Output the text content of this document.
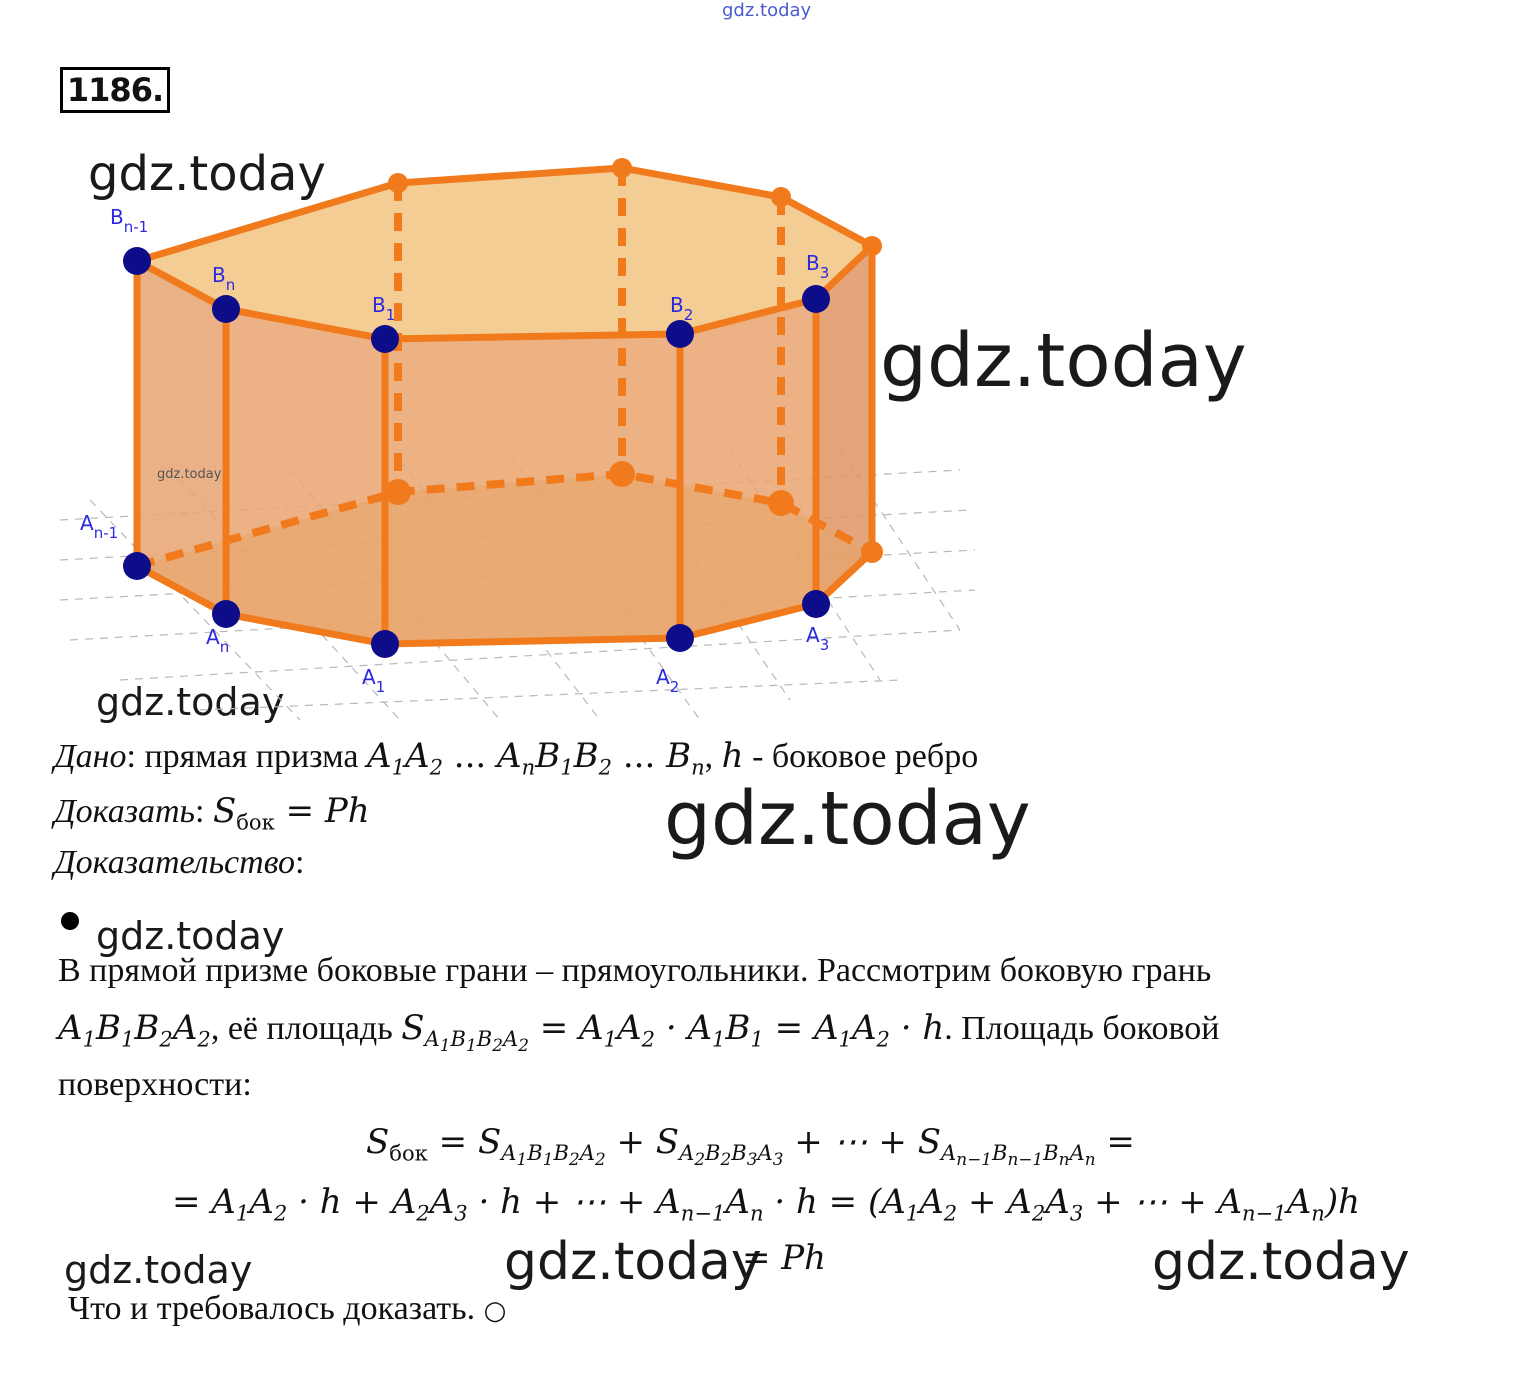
gdz.today
gdz.today
gdz.today
gdz.today
gdz.today
gdz.today
gdz.today	gdz.today	gdz.today
1186.
gdz.today
$B_{n-1}$
$B_n$
$B_1$	$B_2$
$B_3$
$A_{n-1}$
$A_n$
$A_1$	$A_2$
$A_3$
Дано: прямая призма $A_1A_2$ ... $A_nB_1B_2$ ... $B_n$, h - боковое ребро
Доказать: $S_{бок} = Ph$
Доказательство:
В прямой призме боковые грани – прямоугольники. Рассмотрим боковую грань
$A_1B_1B_2A_2$, её площадь $S_{A_1B_1B_2A_2} = A_1A_2 \cdot A_1B_1 = A_1A_2 \cdot h$. Площадь боковой
поверхности:
$S_{бок} = S_{A_1B_1B_2A_2} + S_{A_2B_2B_3A_3}$ + ⋯ + $S_{A_{n-1}B_{n-1}B_nA_n}$ =
= $A_1A_2 \cdot h + A_2A_3 \cdot h$ + ⋯ + $A_{n-1}A_n \cdot h = (A_1A_2 + A_2A_3$ + ⋯ + $A_{n-1}A_n)h$
= Ph
Что и требовалось доказать. ○
